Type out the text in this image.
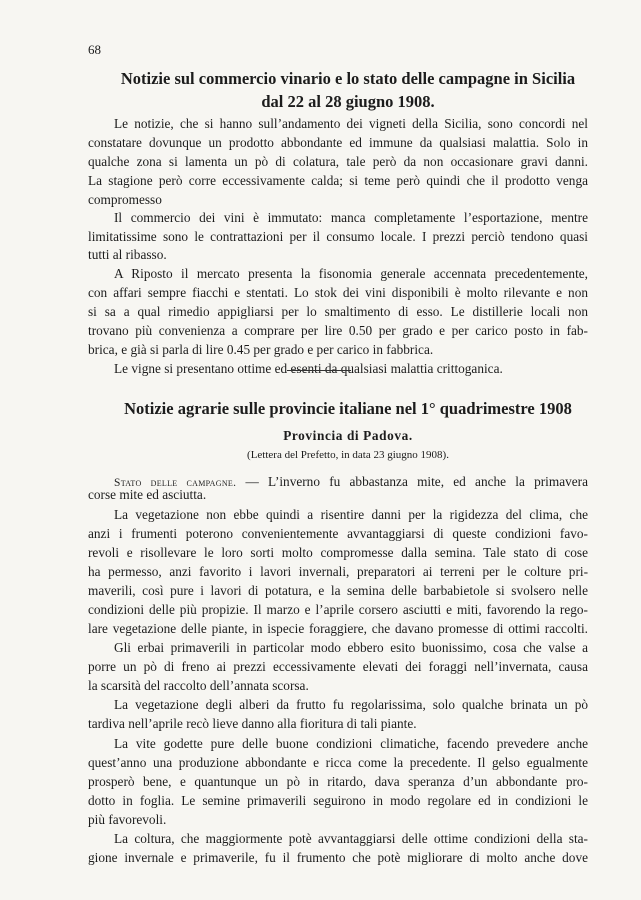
68
Notizie sul commercio vinario e lo stato delle campagne in Sicilia
dal 22 al 28 giugno 1908.
Le notizie, che si hanno sull’andamento dei vigneti della Sicilia, sono concordi nel
constatare dovunque un prodotto abbondante ed immune da qualsiasi malattia. Solo in
qualche zona si lamenta un pò di colatura, tale però da non occasionare gravi danni.
La stagione però corre eccessivamente calda; si teme però quindi che il prodotto venga
compromesso
Il commercio dei vini è immutato: manca completamente l’esportazione, mentre
limitatissime sono le contrattazioni per il consumo locale. I prezzi perciò tendono quasi
tutti al ribasso.
A Riposto il mercato presenta la fisonomia generale accennata precedentemente,
con affari sempre fiacchi e stentati. Lo stok dei vini disponibili è molto rilevante e non
si sa a qual rimedio appigliarsi per lo smaltimento di esso. Le distillerie locali non
trovano più convenienza a comprare per lire 0.50 per grado e per carico posto in fab-
brica, e già si parla di lire 0.45 per grado e per carico in fabbrica.
Le vigne si presentano ottime ed esenti da qualsiasi malattia crittoganica.
Notizie agrarie sulle provincie italiane nel 1° quadrimestre 1908
Provincia di Padova.
(Lettera del Prefetto, in data 23 giugno 1908).
Stato delle campagne. — L’inverno fu abbastanza mite, ed anche la primavera
corse mite ed asciutta.
La vegetazione non ebbe quindi a risentire danni per la rigidezza del clima, che
anzi i frumenti poterono convenientemente avvantaggiarsi di queste condizioni favo-
revoli e risollevare le loro sorti molto compromesse dalla semina. Tale stato di cose
ha permesso, anzi favorito i lavori invernali, preparatori ai terreni per le colture pri-
maverili, così pure i lavori di potatura, e la semina delle barbabietole si svolsero nelle
condizioni delle più propizie. Il marzo e l’aprile corsero asciutti e miti, favorendo la rego-
lare vegetazione delle piante, in ispecie foraggiere, che davano promesse di ottimi raccolti.
Gli erbai primaverili in particolar modo ebbero esito buonissimo, cosa che valse a
porre un pò di freno ai prezzi eccessivamente elevati dei foraggi nell’invernata, causa
la scarsità del raccolto dell’annata scorsa.
La vegetazione degli alberi da frutto fu regolarissima, solo qualche brinata un pò
tardiva nell’aprile recò lieve danno alla fioritura di tali piante.
La vite godette pure delle buone condizioni climatiche, facendo prevedere anche
quest’anno una produzione abbondante e ricca come la precedente. Il gelso egualmente
prosperò bene, e quantunque un pò in ritardo, dava speranza d’un abbondante pro-
dotto in foglia. Le semine primaverili seguirono in modo regolare ed in condizioni le
più favorevoli.
La coltura, che maggiormente potè avvantaggiarsi delle ottime condizioni della sta-
gione invernale e primaverile, fu il frumento che potè migliorare di molto anche dove
